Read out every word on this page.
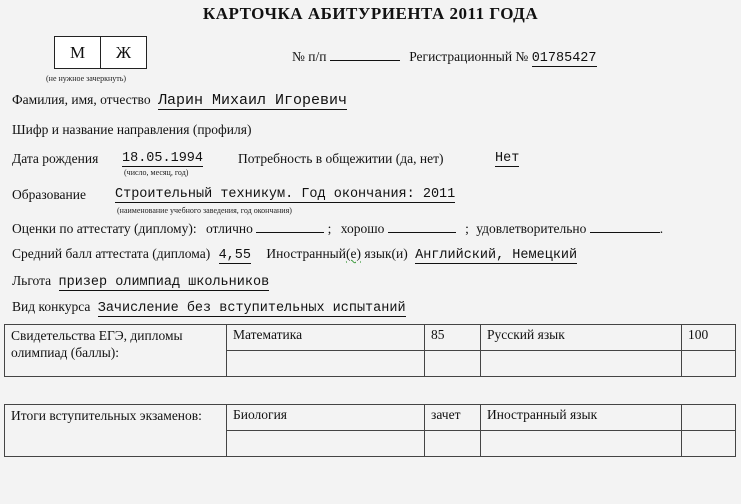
КАРТОЧКА АБИТУРИЕНТА 2011 ГОДА
М	Ж
(не нужное зачеркнуть)
№ п/п	Регистрационный № 01785427
Фамилия, имя, отчество Ларин Михаил Игоревич
Шифр и название направления (профиля)
Дата рождения 18.05.1994
(число, месяц, год)
Потребность в общежитии (да, нет)	Нет
Образование Строительный техникум. Год окончания: 2011
(наименование учебного заведения, год окончания)
Оценки по аттестату (диплому): отлично	; хорошо	; удовлетворительно	.
Средний балл аттестата (диплома) 4,55 Иностранный(е) язык(и) Английский, Немецкий
Льгота призер олимпиад школьников
Вид конкурса Зачисление без вступительных испытаний
Свидетельства ЕГЭ, дипломы олимпиад (баллы):	Математика	85	Русский язык	100

Итоги вступительных экзаменов:	Биология	зачет	Иностранный язык	
